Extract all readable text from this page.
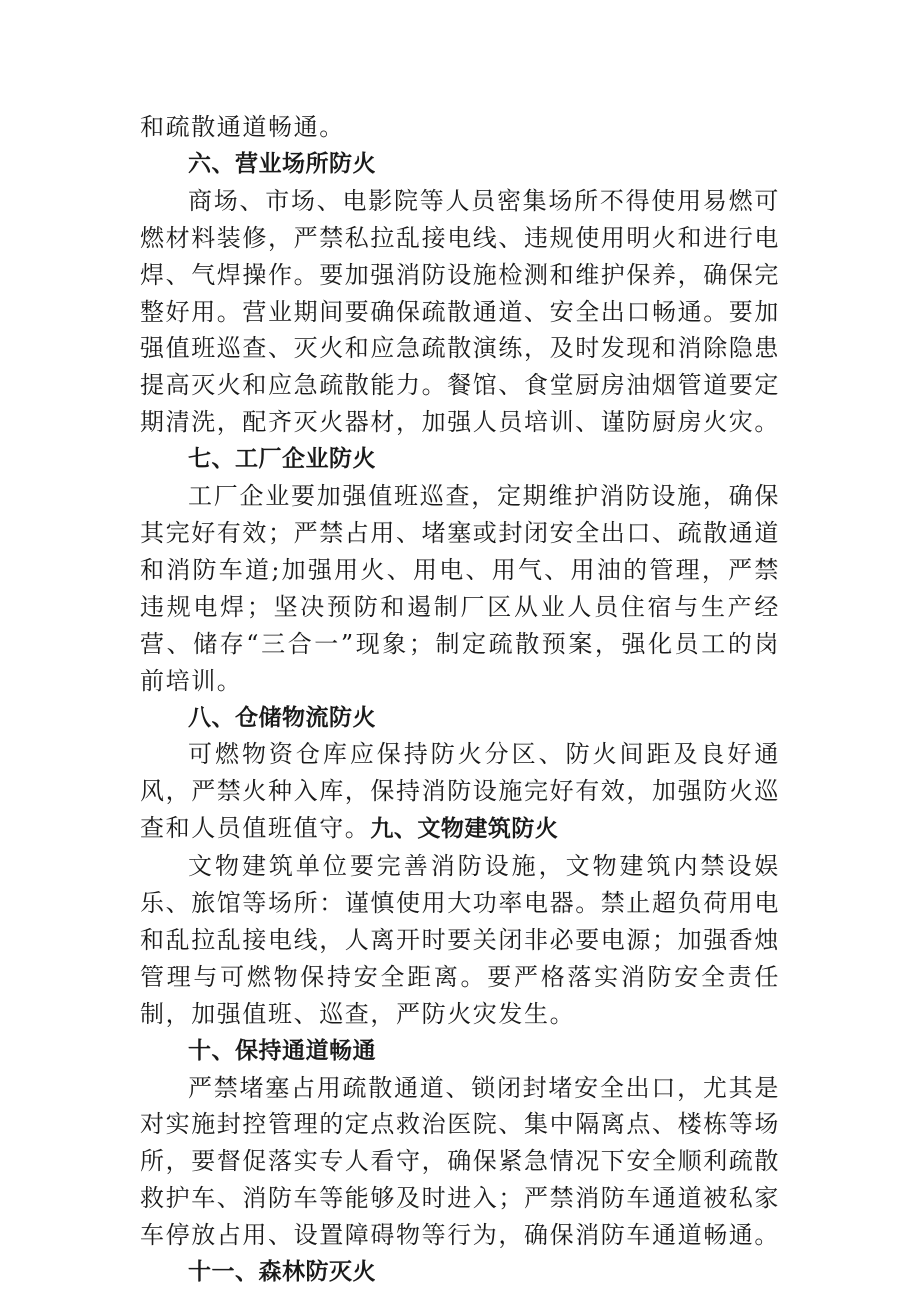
和疏散通道畅通。

六、营业场所防火

商场、市场、电影院等人员密集场所不得使用易燃可燃材料装修，严禁私拉乱接电线、违规使用明火和进行电焊、气焊操作。要加强消防设施检测和维护保养，确保完整好用。营业期间要确保疏散通道、安全出口畅通。要加强值班巡查、灭火和应急疏散演练，及时发现和消除隐患提高灭火和应急疏散能力。餐馆、食堂厨房油烟管道要定期清洗，配齐灭火器材，加强人员培训、谨防厨房火灾。

七、工厂企业防火

工厂企业要加强值班巡查，定期维护消防设施，确保其完好有效；严禁占用、堵塞或封闭安全出口、疏散通道和消防车道;加强用火、用电、用气、用油的管理，严禁违规电焊；坚决预防和遏制厂区从业人员住宿与生产经营、储存“三合一”现象；制定疏散预案，强化员工的岗前培训。

八、仓储物流防火

可燃物资仓库应保持防火分区、防火间距及良好通风，严禁火种入库，保持消防设施完好有效，加强防火巡查和人员值班值守。九、文物建筑防火

文物建筑单位要完善消防设施，文物建筑内禁设娱乐、旅馆等场所：谨慎使用大功率电器。禁止超负荷用电和乱拉乱接电线，人离开时要关闭非必要电源；加强香烛管理与可燃物保持安全距离。要严格落实消防安全责任制，加强值班、巡查，严防火灾发生。

十、保持通道畅通

严禁堵塞占用疏散通道、锁闭封堵安全出口，尤其是对实施封控管理的定点救治医院、集中隔离点、楼栋等场所，要督促落实专人看守，确保紧急情况下安全顺利疏散救护车、消防车等能够及时进入；严禁消防车通道被私家车停放占用、设置障碍物等行为，确保消防车通道畅通。

十一、森林防灭火
